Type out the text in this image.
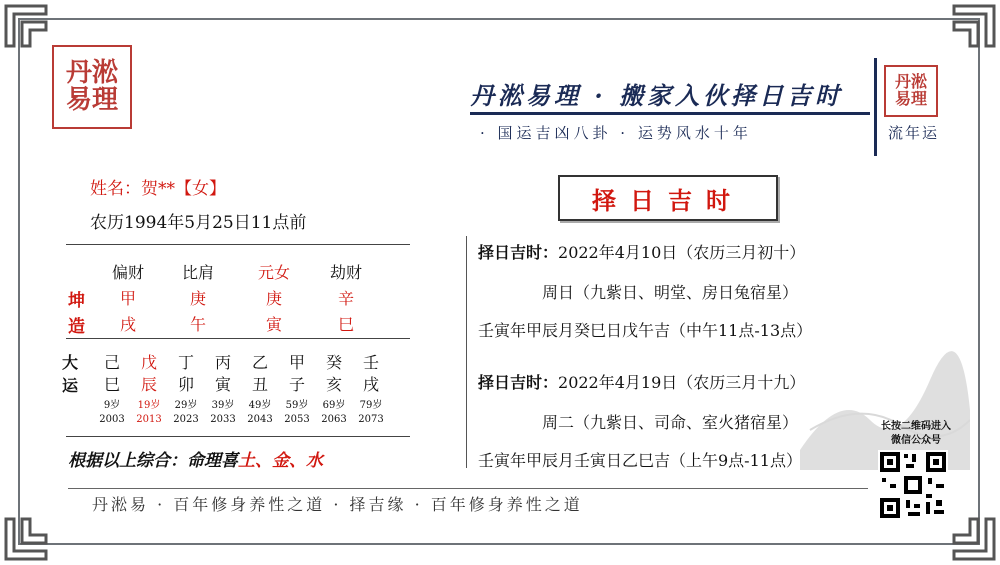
丹淞
易理
丹淞
易理
丹淞易理 · 搬家入伙择日吉时
· 国运吉凶八卦 · 运势风水十年	流年运
姓名：贺**【女】
农历1994年5月25日11点前
偏财	比肩	元女	劫财
坤
造
甲	庚	庚	辛
戌	午	寅	巳
大
运
己	戊	丁	丙	乙	甲	癸	壬
巳	辰	卯	寅	丑	子	亥	戌
9岁	19岁	29岁	39岁	49岁	59岁	69岁	79岁
2003	2013	2023	2033	2043	2053	2063	2073
根据以上综合：命理喜土、金、水
择日吉时
择日吉时：2022年4月10日（农历三月初十）
周日（九紫日、明堂、房日兔宿星）
壬寅年甲辰月癸巳日戊午吉（中午11点-13点）
择日吉时：2022年4月19日（农历三月十九）
周二（九紫日、司命、室火猪宿星）
壬寅年甲辰月壬寅日乙巳吉（上午9点-11点）
长按二维码进入
微信公众号
丹淞易 · 百年修身养性之道 · 择吉缘 · 百年修身养性之道
